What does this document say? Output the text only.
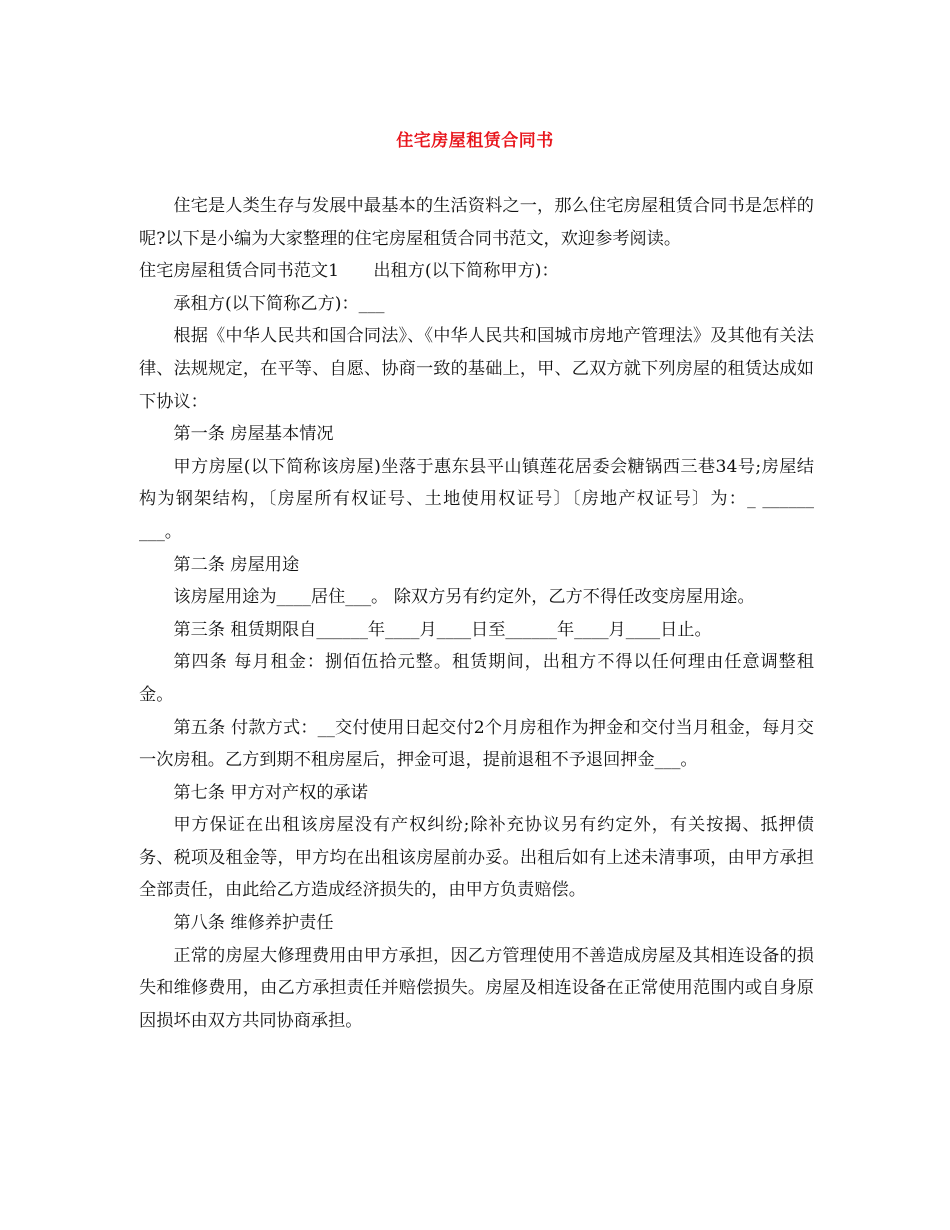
住宅房屋租赁合同书

住宅是人类生存与发展中最基本的生活资料之一，那么住宅房屋租赁合同书是怎样的呢?以下是小编为大家整理的住宅房屋租赁合同书范文，欢迎参考阅读。

住宅房屋租赁合同书范文1　　出租方(以下简称甲方)：

承租方(以下简称乙方)：___

根据《中华人民共和国合同法》、《中华人民共和国城市房地产管理法》及其他有关法律、法规规定，在平等、自愿、协商一致的基础上，甲、乙双方就下列房屋的租赁达成如下协议：

第一条 房屋基本情况

甲方房屋(以下简称该房屋)坐落于惠东县平山镇莲花居委会糖锅西三巷34号;房屋结构为钢架结构，〔房屋所有权证号、土地使用权证号〕〔房地产权证号〕为：_ ______ ___。

第二条 房屋用途

该房屋用途为____居住___。 除双方另有约定外，乙方不得任改变房屋用途。

第三条 租赁期限自______年____月____日至______年____月____日止。

第四条 每月租金：捌佰伍拾元整。租赁期间，出租方不得以任何理由任意调整租金。

第五条 付款方式：__交付使用日起交付2个月房租作为押金和交付当月租金，每月交一次房租。乙方到期不租房屋后，押金可退，提前退租不予退回押金___。

第七条 甲方对产权的承诺

甲方保证在出租该房屋没有产权纠纷;除补充协议另有约定外，有关按揭、抵押债务、税项及租金等，甲方均在出租该房屋前办妥。出租后如有上述未清事项，由甲方承担全部责任，由此给乙方造成经济损失的，由甲方负责赔偿。

第八条 维修养护责任

正常的房屋大修理费用由甲方承担，因乙方管理使用不善造成房屋及其相连设备的损失和维修费用，由乙方承担责任并赔偿损失。房屋及相连设备在正常使用范围内或自身原因损坏由双方共同协商承担。
